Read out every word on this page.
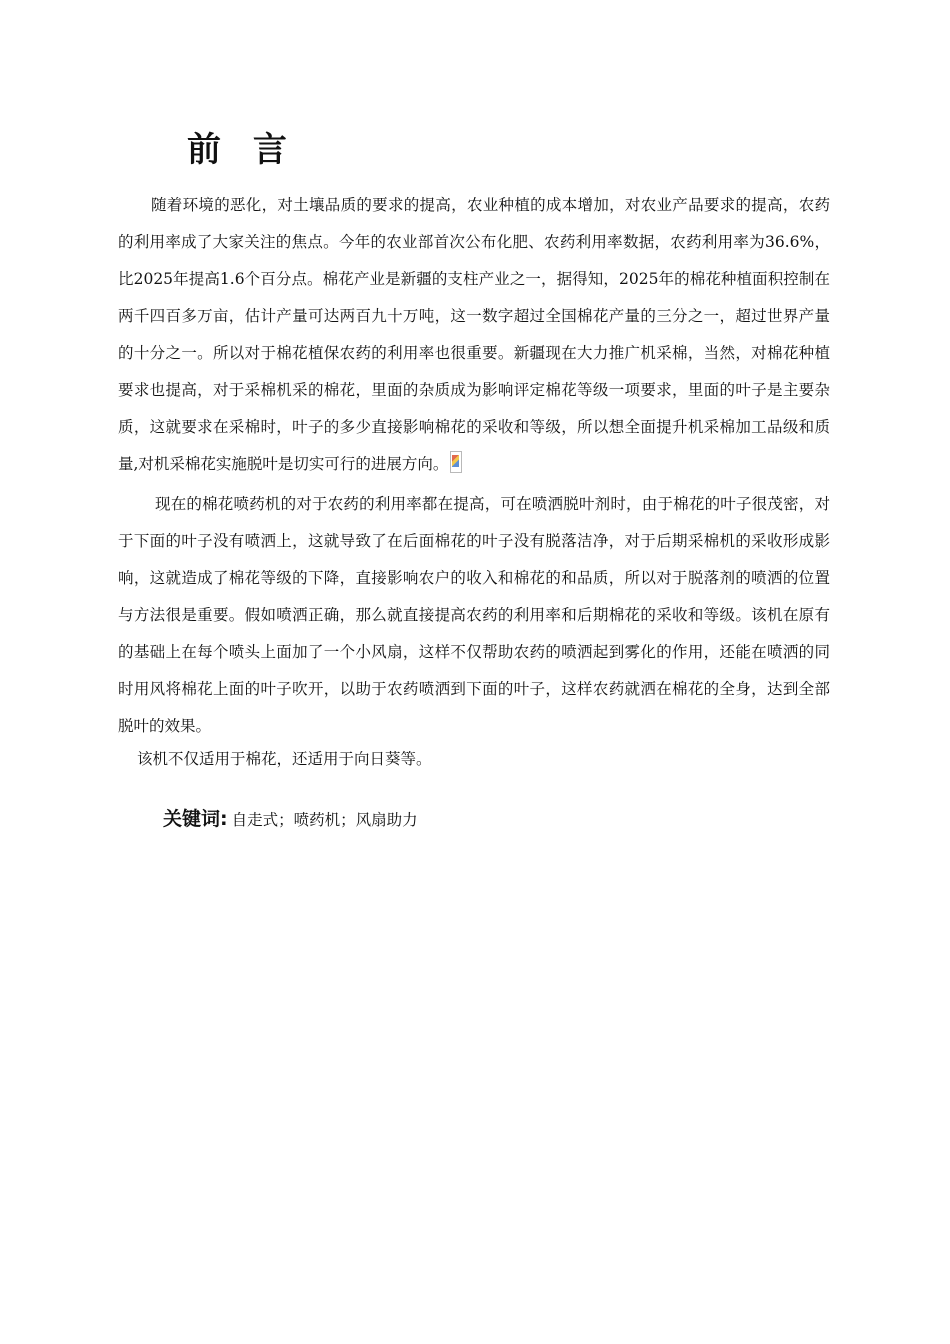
前 言

随着环境的恶化，对土壤品质的要求的提高，农业种植的成本增加，对农业产品要求的提高，农药的利用率成了大家关注的焦点。今年的农业部首次公布化肥、农药利用率数据，农药利用率为36.6%，比2025年提高1.6个百分点。棉花产业是新疆的支柱产业之一，据得知，2025年的棉花种植面积控制在两千四百多万亩，估计产量可达两百九十万吨，这一数字超过全国棉花产量的三分之一，超过世界产量的十分之一。所以对于棉花植保农药的利用率也很重要。新疆现在大力推广机采棉，当然，对棉花种植要求也提高，对于采棉机采的棉花，里面的杂质成为影响评定棉花等级一项要求，里面的叶子是主要杂质，这就要求在采棉时，叶子的多少直接影响棉花的采收和等级，所以想全面提升机采棉加工品级和质量,对机采棉花实施脱叶是切实可行的进展方向。

现在的棉花喷药机的对于农药的利用率都在提高，可在喷洒脱叶剂时，由于棉花的叶子很茂密，对于下面的叶子没有喷洒上，这就导致了在后面棉花的叶子没有脱落洁净，对于后期采棉机的采收形成影响，这就造成了棉花等级的下降，直接影响农户的收入和棉花的和品质，所以对于脱落剂的喷洒的位置与方法很是重要。假如喷洒正确，那么就直接提高农药的利用率和后期棉花的采收和等级。该机在原有的基础上在每个喷头上面加了一个小风扇，这样不仅帮助农药的喷洒起到雾化的作用，还能在喷洒的同时用风将棉花上面的叶子吹开，以助于农药喷洒到下面的叶子，这样农药就洒在棉花的全身，达到全部脱叶的效果。

该机不仅适用于棉花，还适用于向日葵等。

关键词: 自走式；喷药机；风扇助力
